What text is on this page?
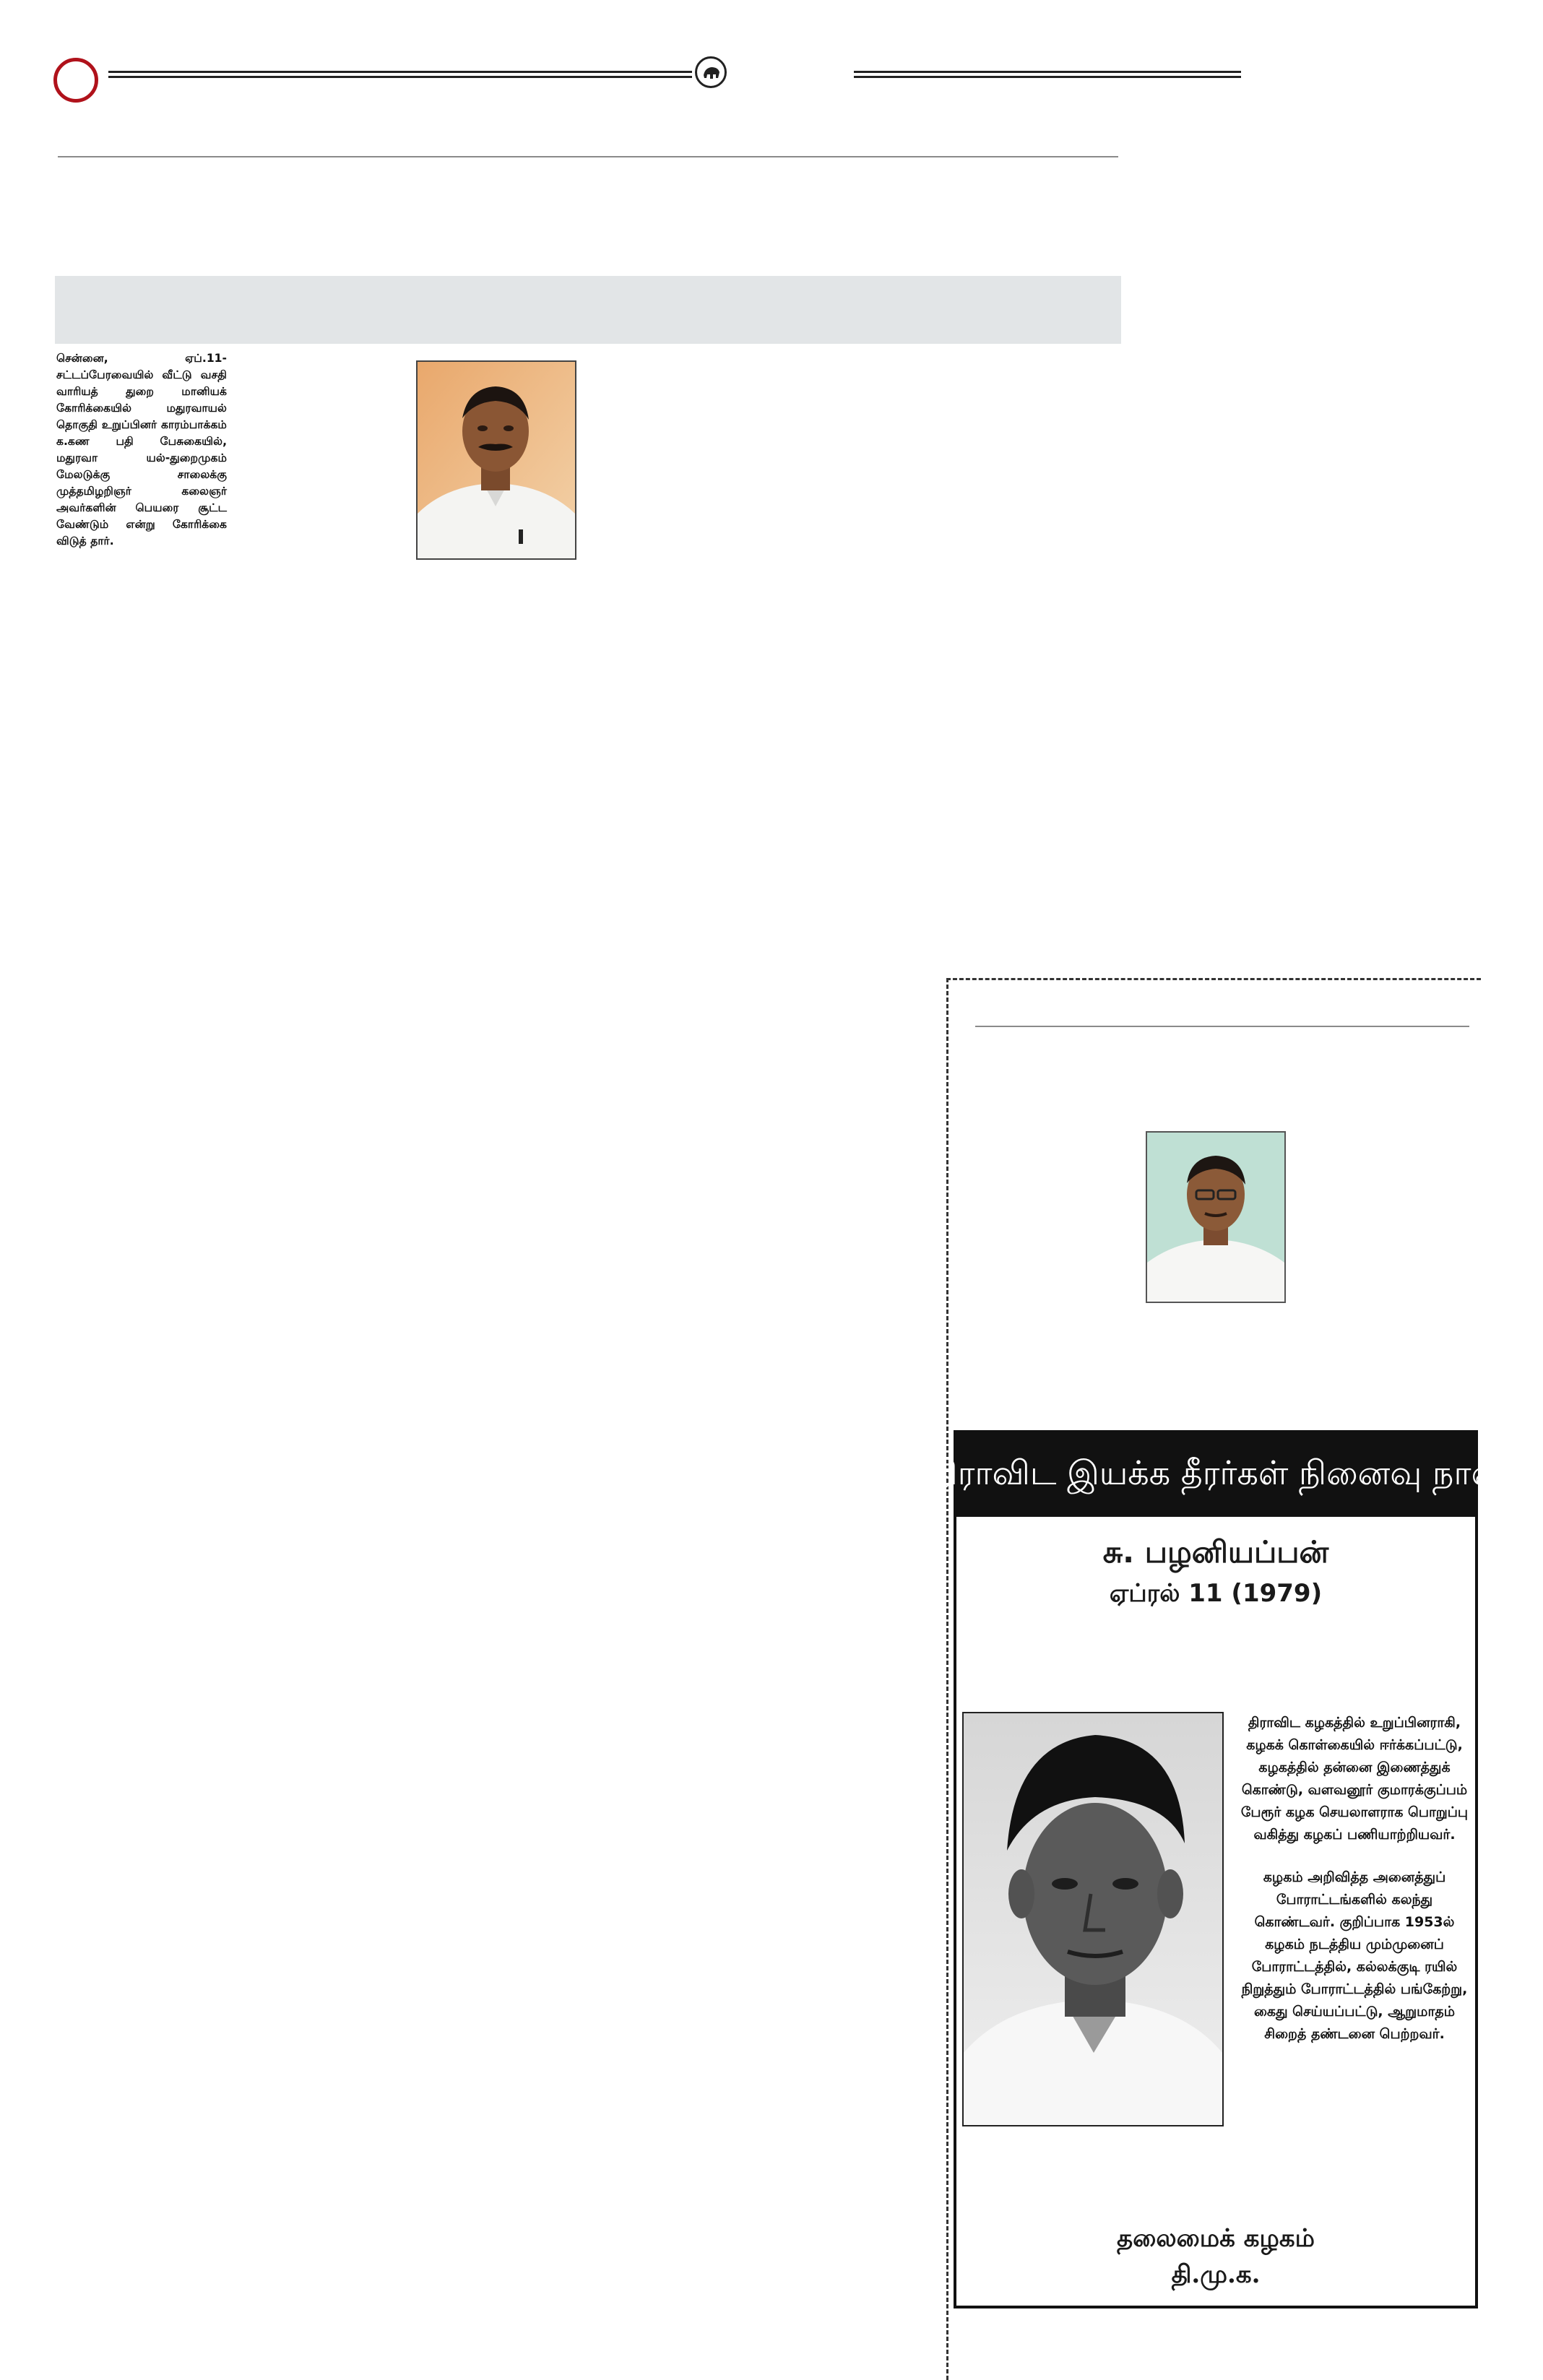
சென்னை, ஏப்.11- சட்டப்பேரவையில் வீட்டு வசதி வாரியத் துறை மானியக் கோரிக்கையில் மதுரவாயல் தொகுதி உறுப்பினர் காரம்பாக்கம் க.கண பதி பேசுகையில், மதுரவா யல்-துறைமுகம் மேலடுக்கு சாலைக்கு முத்தமிழறிஞர் கலைஞர் அவர்களின் பெயரை சூட்ட வேண்டும் என்று கோரிக்கை விடுத் தார்.
திராவிட இயக்க தீரர்கள் நினைவு நாள்
சு. பழனியப்பன்
ஏப்ரல் 11 (1979)

திராவிட கழகத்தில் உறுப்பினராகி, கழகக் கொள்கையில் ஈர்க்கப்பட்டு, கழகத்தில் தன்னை இணைத்துக் கொண்டு, வளவனூர் குமாரக்குப்பம் பேரூர் கழக செயலாளராக பொறுப்பு வகித்து கழகப் பணியாற்றியவர்.

கழகம் அறிவித்த அனைத்துப் போராட்டங்களில் கலந்து கொண்டவர். குறிப்பாக 1953ல் கழகம் நடத்திய மும்முனைப் போராட்டத்தில், கல்லக்குடி ரயில் நிறுத்தும் போராட்டத்தில் பங்கேற்று, கைது செய்யப்பட்டு, ஆறுமாதம் சிறைத் தண்டனை பெற்றவர்.

தலைமைக் கழகம்
தி.மு.க.
